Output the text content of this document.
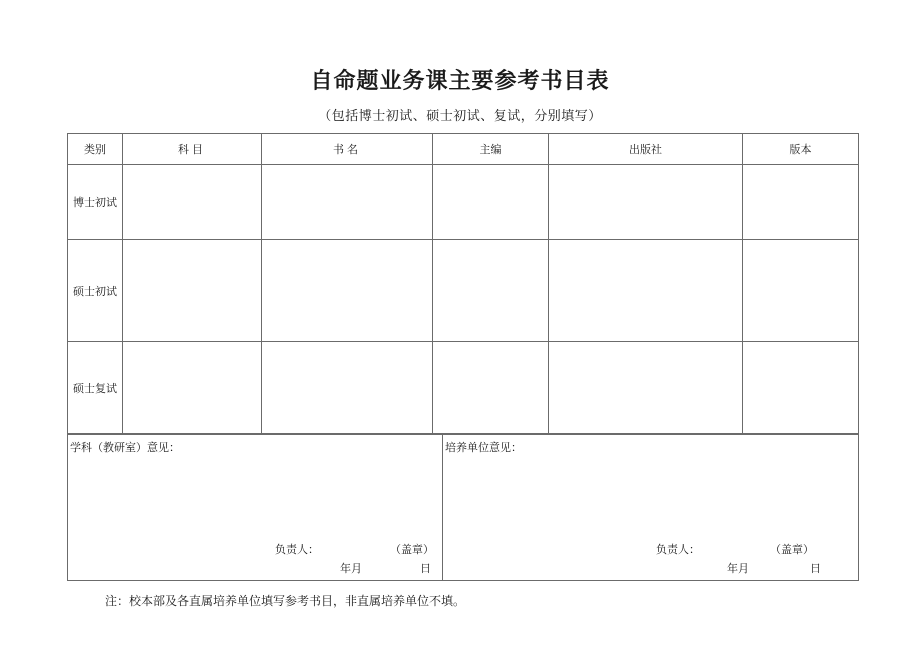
自命题业务课主要参考书目表
（包括博士初试、硕士初试、复试，分别填写）
类别	科目	书名	主编	出版社	版本
博士初试					
硕士初试					
硕士复试					
学科（教研室）意见：
负责人：	（盖章）
年月	日

培养单位意见：
负责人：	（盖章）
年月	日
注：校本部及各直属培养单位填写参考书目，非直属培养单位不填。
